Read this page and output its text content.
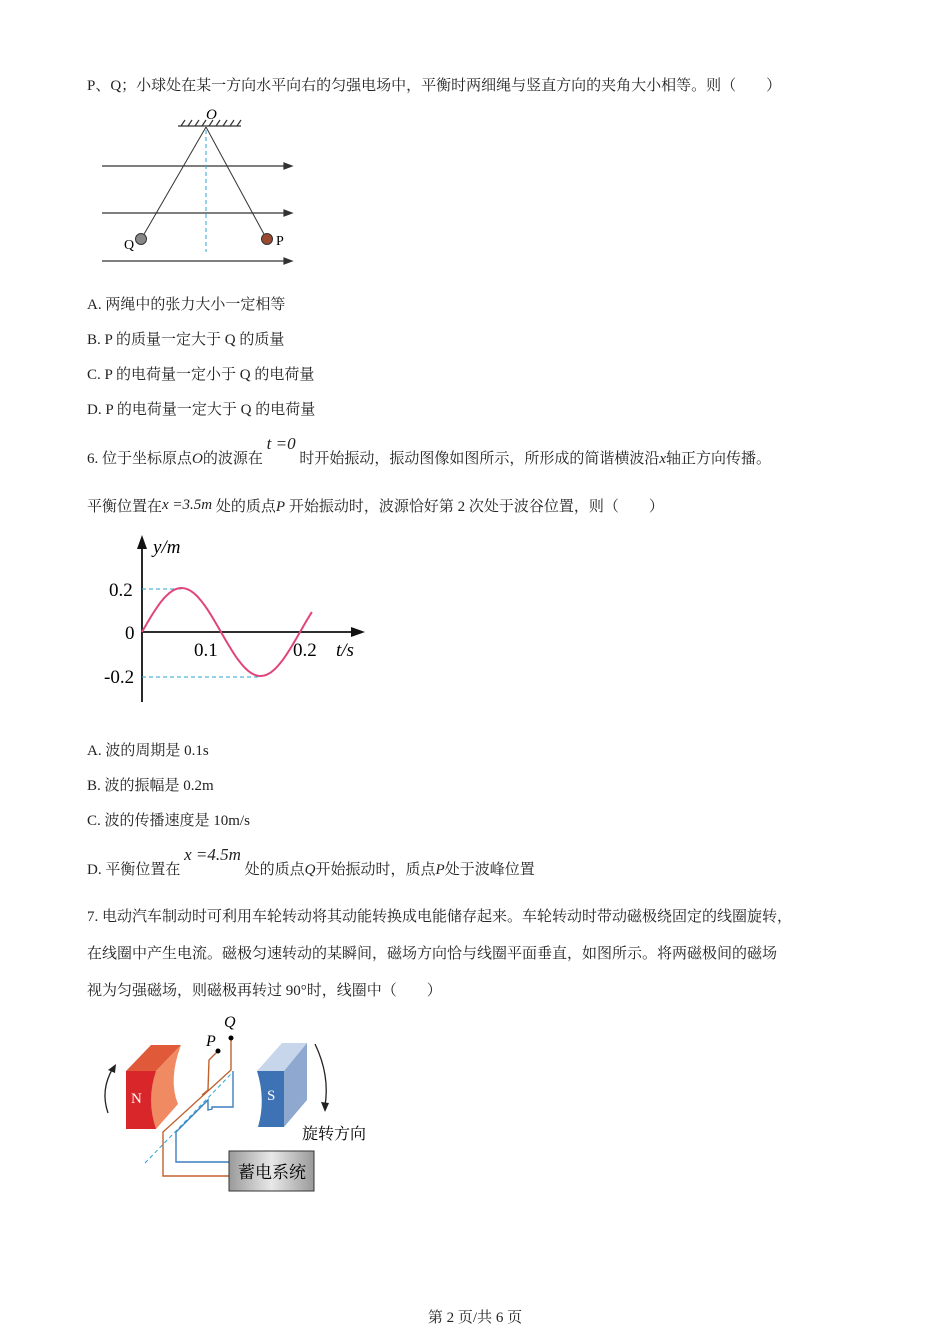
P、Q；小球处在某一方向水平向右的匀强电场中，平衡时两细绳与竖直方向的夹角大小相等。则（　　）
O
Q	P
A. 两绳中的张力大小一定相等
B. P 的质量一定大于 Q 的质量
C. P 的电荷量一定小于 Q 的电荷量
D. P 的电荷量一定大于 Q 的电荷量
6. 位于坐标原点O的波源在 t =0 时开始振动，振动图像如图所示，所形成的简谐横波沿x轴正方向传播。
平衡位置在x =3.5m 处的质点P 开始振动时，波源恰好第 2 次处于波谷位置，则（　　）
y/m
t/s
0.2
0
-0.2
0.1	0.2
A. 波的周期是 0.1s
B. 波的振幅是 0.2m
C. 波的传播速度是 10m/s
D. 平衡位置在 x =4.5m 处的质点Q开始振动时，质点P处于波峰位置
7. 电动汽车制动时可利用车轮转动将其动能转换成电能储存起来。车轮转动时带动磁极绕固定的线圈旋转，
在线圈中产生电流。磁极匀速转动的某瞬间，磁场方向恰与线圈平面垂直，如图所示。将两磁极间的磁场
视为匀强磁场，则磁极再转过 90°时，线圈中（　　）
N	S
旋转方向
P
Q
蓄电系统
第 2 页/共 6 页
